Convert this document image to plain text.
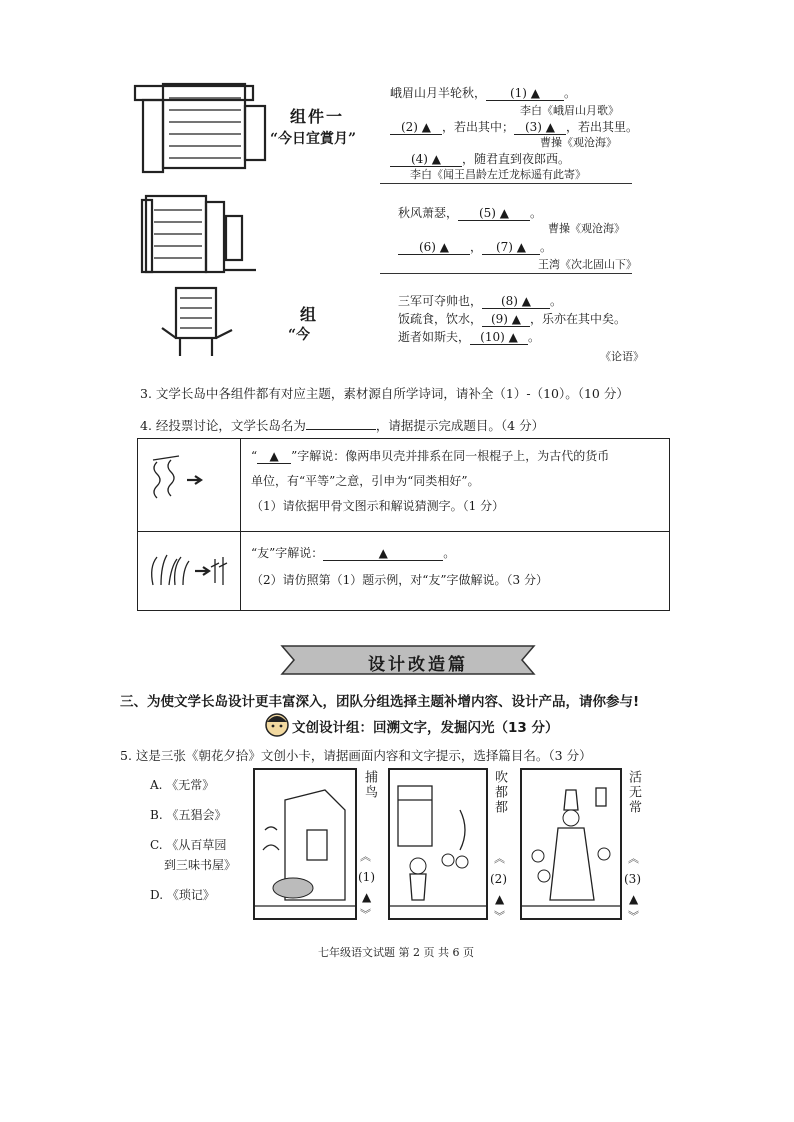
组件一
“今日宜賞月”
峨眉山月半轮秋， (1) ▲ 。
李白《峨眉山月歌》
(2) ▲ ，若出其中； (3) ▲ ，若出其里。
曹操《观沧海》
(4) ▲ ，随君直到夜郎西。
李白《闻王昌龄左迁龙标遥有此寄》
秋风萧瑟， (5) ▲ 。
曹操《观沧海》
(6) ▲ ， (7) ▲ 。
王湾《次北固山下》
组
“今
三军可夺帅也， (8) ▲ 。
饭疏食，饮水， (9) ▲ ，乐亦在其中矣。
逝者如斯夫， (10) ▲ 。
《论语》
3. 文学长岛中各组件都有对应主题，素材源自所学诗词，请补全（1）-（10）。（10 分）
4. 经投票讨论，文学长岛名为	，请据提示完成题目。（4 分）

“ ▲ ”字解说：像两串贝壳并排系在同一根棍子上，为古代的货币
单位，有“平等”之意，引申为“同类相好”。
（1）请依据甲骨文图示和解说猜测字。（1 分）

“友”字解说： ▲ 。
（2）请仿照第（1）题示例，对“友”字做解说。（3 分）
设计改造篇
三、为使文学长岛设计更丰富深入，团队分组选择主题补增内容、设计产品，请你参与!
文创设计组：回溯文字，发掘闪光（13 分）
5. 这是三张《朝花夕拾》文创小卡，请据画面内容和文字提示，选择篇目名。（3 分）
A. 《无常》
B. 《五猖会》
C. 《从百草园
到三味书屋》
D. 《琐记》
捕鸟
︽
(1)
▲
︾
吹都都
︽
(2)
▲
︾
活无常
︽
(3)
▲
︾
七年级语文试题 第 2 页 共 6 页
